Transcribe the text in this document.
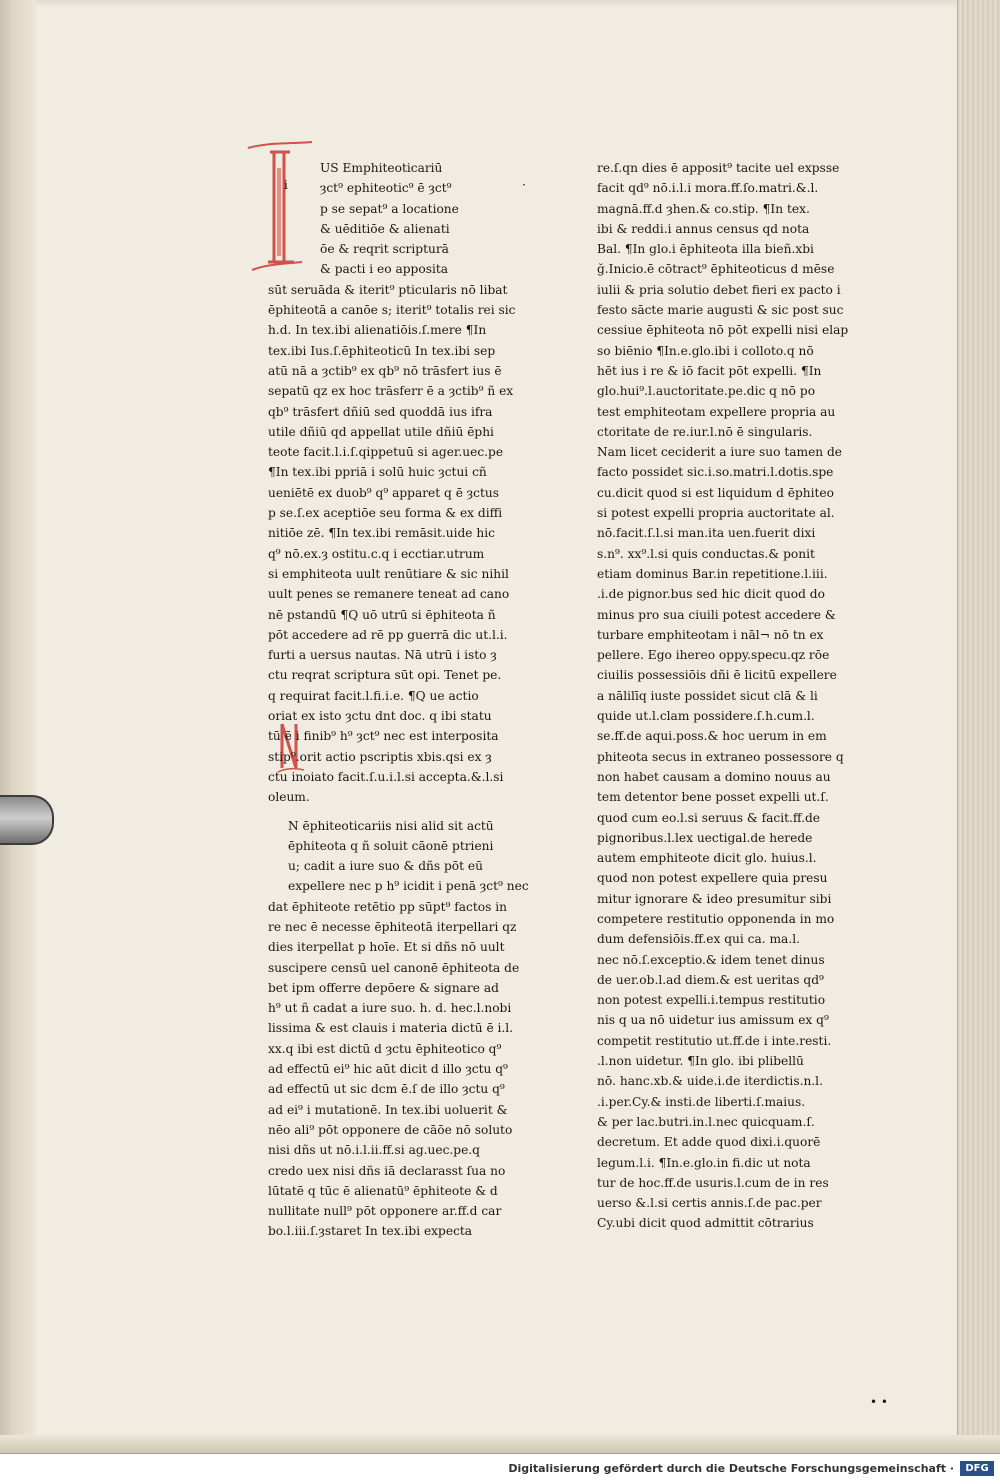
US Emphiteoticariū
ȝct⁹ ephiteotic⁹ ē ȝct⁹
p se sepat⁹ a locatione
& uēditiōe & alienati
ōe & reqrit scripturā
& pacti i eo apposita
sūt seruāda & iterit⁹ pticularis nō libat
ēphiteotā a canōe s; iterit⁹ totalis rei sic
h.d. In tex.ibi alienatiōis.ſ.mere ¶In
tex.ibi Ius.ſ.ēphiteoticū In tex.ibi sep
atū nā a ȝctib⁹ ex qb⁹ nō trāsfert ius ē
sepatū qz ex hoc trāsferr ē a ȝctib⁹ ñ ex
qb⁹ trāsfert dñiū sed quoddā ius ifra
utile dñiū qd appellat utile dñiū ēphi
teote facit.l.i.ſ.qippetuū si ager.uec.pe
¶In tex.ibi ppriā i solū huic ȝctui cñ
ueniētē ex duob⁹ q⁹ apparet q ē ȝctus
p se.ſ.ex aceptiōe seu forma & ex diffi
nitiōe zē. ¶In tex.ibi remāsit.uide hic
q⁹ nō.ex.ȝ ostitu.c.q i ecctiar.utrum
si emphiteota uult renūtiare & sic nihil
uult penes se remanere teneat ad cano
nē pstandū ¶Q uō utrū si ēphiteota ñ
pōt accedere ad rē pp guerrā dic ut.l.i.
furti a uersus nautas. Nā utrū i isto ȝ
ctu reqrat scriptura sūt opi. Tenet pe.
q requirat facit.l.fi.i.e. ¶Q ue actio
oriat ex isto ȝctu dnt doc. q ibi statu
tū ē i finib⁹ h⁹ ȝct⁹ nec est interposita
stip⁹.orit actio pscriptis xbis.qsi ex ȝ
ctu inoiato facit.ſ.u.i.l.si accepta.&.l.si
oleum.
N ēphiteoticariis nisi alid sit actū
ēphiteota q ñ soluit cāonē ptrieni
u; cadit a iure suo & dñs pōt eū
expellere nec p h⁹ icidit i penā ȝct⁹ nec
dat ēphiteote retētio pp sūpt⁹ factos in
re nec ē necesse ēphiteotā iterpellari qz
dies iterpellat p hoīe. Et si dñs nō uult
suscipere censū uel canonē ēphiteota de
bet ipm offerre depōere & signare ad
h⁹ ut ñ cadat a iure suo. h. d. hec.l.nobi
lissima & est clauis i materia dictū ē i.l.
xx.q ibi est dictū d ȝctu ēphiteotico q⁹
ad effectū ei⁹ hic aūt dicit d illo ȝctu q⁹
ad effectū ut sic dcm ē.ſ de illo ȝctu q⁹
ad ei⁹ i mutationē. In tex.ibi uoluerit &
nēo ali⁹ pōt opponere de cāōe nō soluto
nisi dñs ut nō.i.l.ii.ff.si ag.uec.pe.q
credo uex nisi dñs iā declarasst ſua no
lūtatē q tūc ē alienatū⁹ ēphiteote & d
nullitate null⁹ pōt opponere ar.ff.d car
bo.l.iii.ſ.ȝstaret In tex.ibi expecta
re.ſ.qn dies ē apposit⁹ tacite uel expsse
facit qd⁹ nō.i.l.i mora.ff.ſo.matri.&.l.
magnā.ff.d ȝhen.& co.stip. ¶In tex.
ibi & reddi.i annus census qd nota
Bal. ¶In glo.i ēphiteota illa bieñ.xbi
ğ.Inicio.ē cōtract⁹ ēphiteoticus d mēse
iulii & pria solutio debet fieri ex pacto i
festo sācte marie augusti & sic post suc
cessiue ēphiteota nō pōt expelli nisi elap
so biēnio ¶In.e.glo.ibi i colloto.q nō
hēt ius i re & iō facit pōt expelli. ¶In
glo.hui⁹.l.auctoritate.pe.dic q nō po
test emphiteotam expellere propria au
ctoritate de re.iur.l.nō ē singularis.
Nam licet ceciderit a iure suo tamen de
facto possidet sic.i.so.matri.l.dotis.spe
cu.dicit quod si est liquidum d ēphiteo
si potest expelli propria auctoritate al.
nō.facit.ſ.l.si man.ita uen.fuerit dixi
s.n⁹. xx⁹.l.si quis conductas.& ponit
etiam dominus Bar.in repetitione.l.iii.
.i.de pignor.bus sed hic dicit quod do
minus pro sua ciuili potest accedere &
turbare emphiteotam i nāl¬ nō tn ex
pellere. Ego ihereo oppy.specu.qz rōe
ciuilis possessiōis dñi ē licitū expellere
a nālilīq iuste possidet sicut clā & li
quide ut.l.clam possidere.ſ.h.cum.l.
se.ff.de aqui.poss.& hoc uerum in em
phiteota secus in extraneo possessore q
non habet causam a domino nouus au
tem detentor bene posset expelli ut.ſ.
quod cum eo.l.si seruus & facit.ff.de
pignoribus.l.lex uectigal.de herede
autem emphiteote dicit glo. huius.l.
quod non potest expellere quia presu
mitur ignorare & ideo presumitur sibi
competere restitutio opponenda in mo
dum defensiōis.ff.ex qui ca. ma.l.
nec nō.ſ.exceptio.& idem tenet dinus
de uer.ob.l.ad diem.& est ueritas qd⁹
non potest expelli.i.tempus restitutio
nis q ua nō uidetur ius amissum ex q⁹
competit restitutio ut.ff.de i inte.resti.
.l.non uidetur. ¶In glo. ibi plibellū
nō. hanc.xb.& uide.i.de iterdictis.n.l.
.i.per.Cy.& insti.de liberti.ſ.maius.
& per lac.butri.in.l.nec quicquam.ſ.
decretum. Et adde quod dixi.i.quorē
legum.l.i. ¶In.e.glo.in fi.dic ut nota
tur de hoc.ff.de usuris.l.cum de in res
uerso &.l.si certis annis.ſ.de pac.per
Cy.ubi dicit quod admittit cōtrarius
i	·
• •
Digitalisierung gefördert durch die Deutsche Forschungsgemeinschaft ·	DFG
